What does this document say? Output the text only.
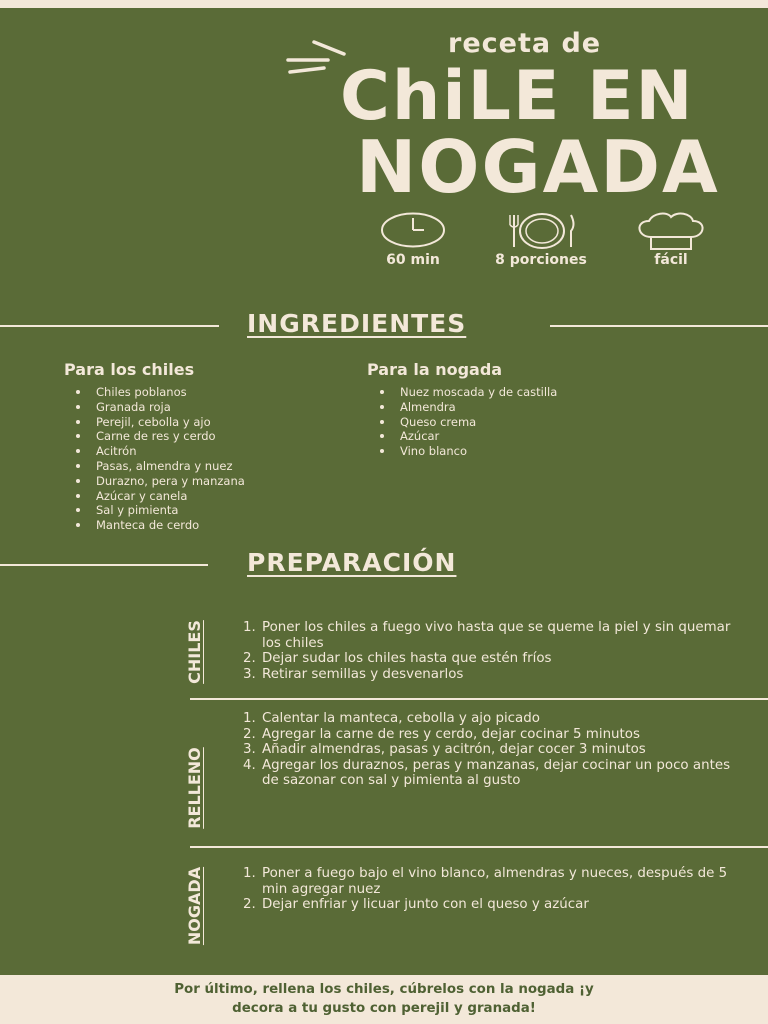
receta de
ChiLE EN
NOGADA
60 min	8 porciones	fácil
INGREDIENTES
Para los chiles
Chiles poblanos
Granada roja
Perejil, cebolla y ajo
Carne de res y cerdo
Acitrón
Pasas, almendra y nuez
Durazno, pera y manzana
Azúcar y canela
Sal y pimienta
Manteca de cerdo
Para la nogada
Nuez moscada y de castilla
Almendra
Queso crema
Azúcar
Vino blanco
PREPARACIÓN
CHILES	1. Poner los chiles a fuego vivo hasta que se queme la piel y sin quemar los chiles
2. Dejar sudar los chiles hasta que estén fríos
3. Retirar semillas y desvenarlos
RELLENO
1. Calentar la manteca, cebolla y ajo picado
2. Agregar la carne de res y cerdo, dejar cocinar 5 minutos
3. Añadir almendras, pasas y acitrón, dejar cocer 3 minutos
4. Agregar los duraznos, peras y manzanas, dejar cocinar un poco antes de sazonar con sal y pimienta al gusto
NOGADA	1. Poner a fuego bajo el vino blanco, almendras y nueces, después de 5 min agregar nuez
2. Dejar enfriar y licuar junto con el queso y azúcar
Por último, rellena los chiles, cúbrelos con la nogada ¡y
decora a tu gusto con perejil y granada!
